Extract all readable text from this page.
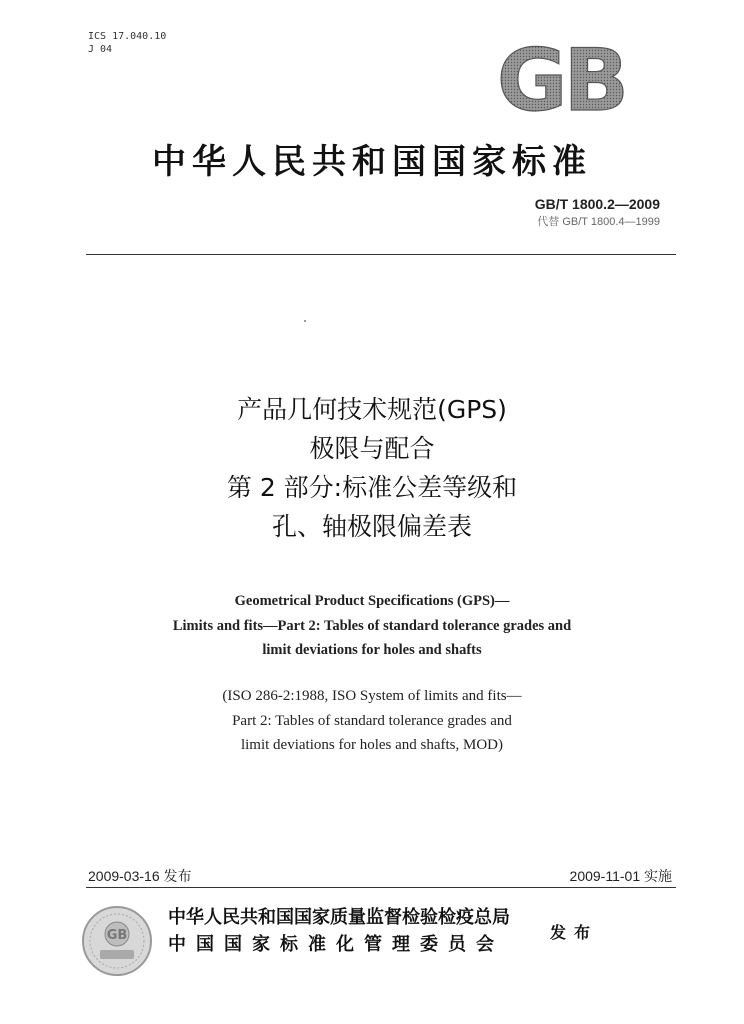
ICS 17.040.10
J 04	GB
中华人民共和国国家标准
GB/T 1800.2—2009
代替 GB/T 1800.4—1999
产品几何技术规范(GPS)
极限与配合
第 2 部分:标准公差等级和
孔、轴极限偏差表
Geometrical Product Specifications (GPS)—
Limits and fits—Part 2: Tables of standard tolerance grades and
limit deviations for holes and shafts
(ISO 286-2:1988, ISO System of limits and fits—
Part 2: Tables of standard tolerance grades and
limit deviations for holes and shafts, MOD)
2009-03-16 发布	2009-11-01 实施
GB
中华人民共和国国家质量监督检验检疫总局
中国国家标准化管理委员会
发布
